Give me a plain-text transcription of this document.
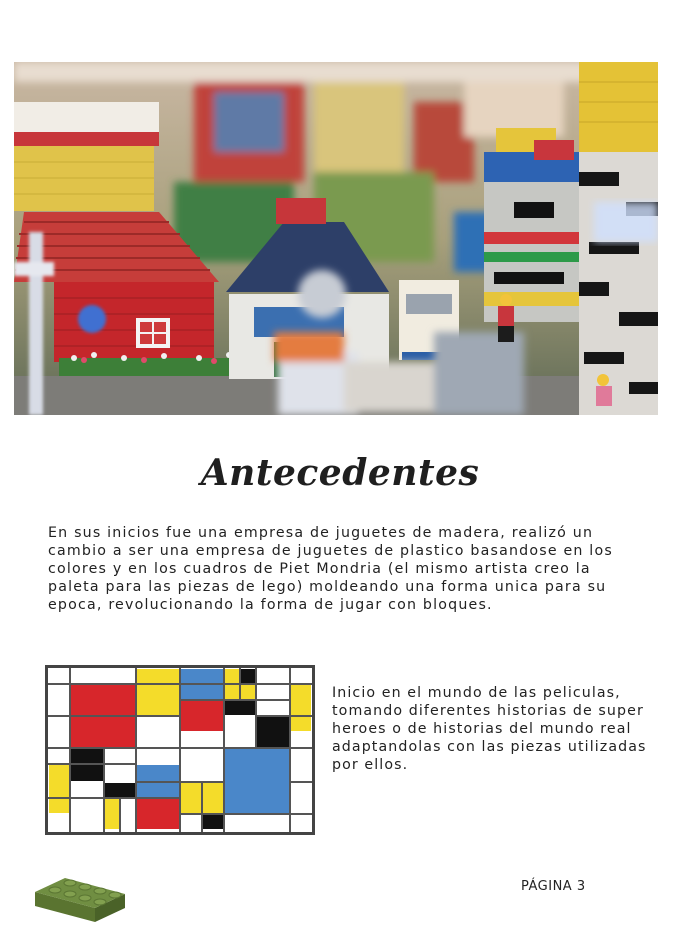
Antecedentes

En sus inicios fue una empresa de juguetes de madera, realizó un cambio a ser una empresa de juguetes de plastico basandose en los colores y en los cuadros de Piet Mondria (el mismo artista creo la paleta para las piezas de lego) moldeando una forma unica para su epoca, revolucionando la forma de jugar con bloques.

Inicio en el mundo de las peliculas, tomando diferentes historias de super heroes o de historias del mundo real adaptandolas con las piezas utilizadas por ellos.

PÁGINA 3
